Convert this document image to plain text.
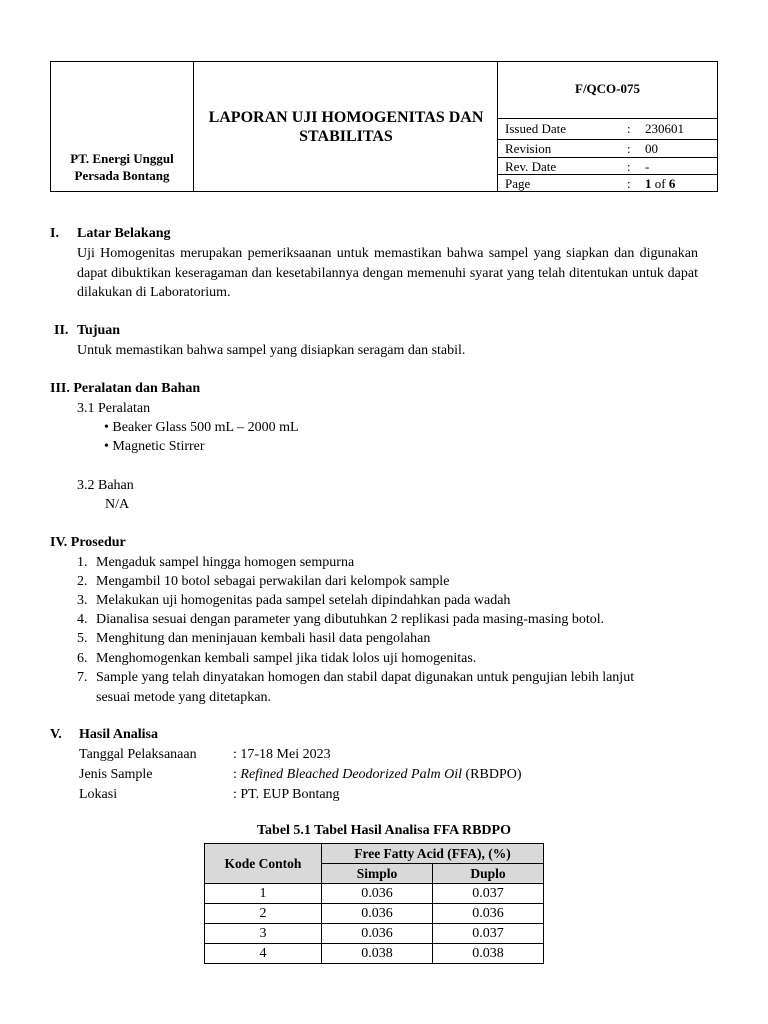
PT. Energi Unggul Persada Bontang
LAPORAN UJI HOMOGENITAS DAN STABILITAS
F/QCO-075
Issued Date	: 230601
Revision	: 00
Rev. Date	: -
Page	: 1 of 6
I. Latar Belakang
Uji Homogenitas merupakan pemeriksaanan untuk memastikan bahwa sampel yang siapkan dan digunakan dapat dibuktikan keseragaman dan kesetabilannya dengan memenuhi syarat yang telah ditentukan untuk dapat dilakukan di Laboratorium.
II. Tujuan
Untuk memastikan bahwa sampel yang disiapkan seragam dan stabil.
III. Peralatan dan Bahan
3.1 Peralatan
• Beaker Glass 500 mL – 2000 mL
• Magnetic Stirrer
3.2 Bahan
N/A
IV. Prosedur
1. Mengaduk sampel hingga homogen sempurna
2. Mengambil 10 botol sebagai perwakilan dari kelompok sample
3. Melakukan uji homogenitas pada sampel setelah dipindahkan pada wadah
4. Dianalisa sesuai dengan parameter yang dibutuhkan 2 replikasi pada masing-masing botol.
5. Menghitung dan meninjauan kembali hasil data pengolahan
6. Menghomogenkan kembali sampel jika tidak lolos uji homogenitas.
7. Sample yang telah dinyatakan homogen dan stabil dapat digunakan untuk pengujian lebih lanjut
sesuai metode yang ditetapkan.
V. Hasil Analisa
Tanggal Pelaksanaan	: 17-18 Mei 2023
Jenis Sample	: Refined Bleached Deodorized Palm Oil (RBDPO)
Lokasi	: PT. EUP Bontang
Tabel 5.1 Tabel Hasil Analisa FFA RBDPO
Kode Contoh	Free Fatty Acid (FFA), (%)	
	Simplo	Duplo
1	0.036	0.037
2	0.036	0.036
3	0.036	0.037
4	0.038	0.038
